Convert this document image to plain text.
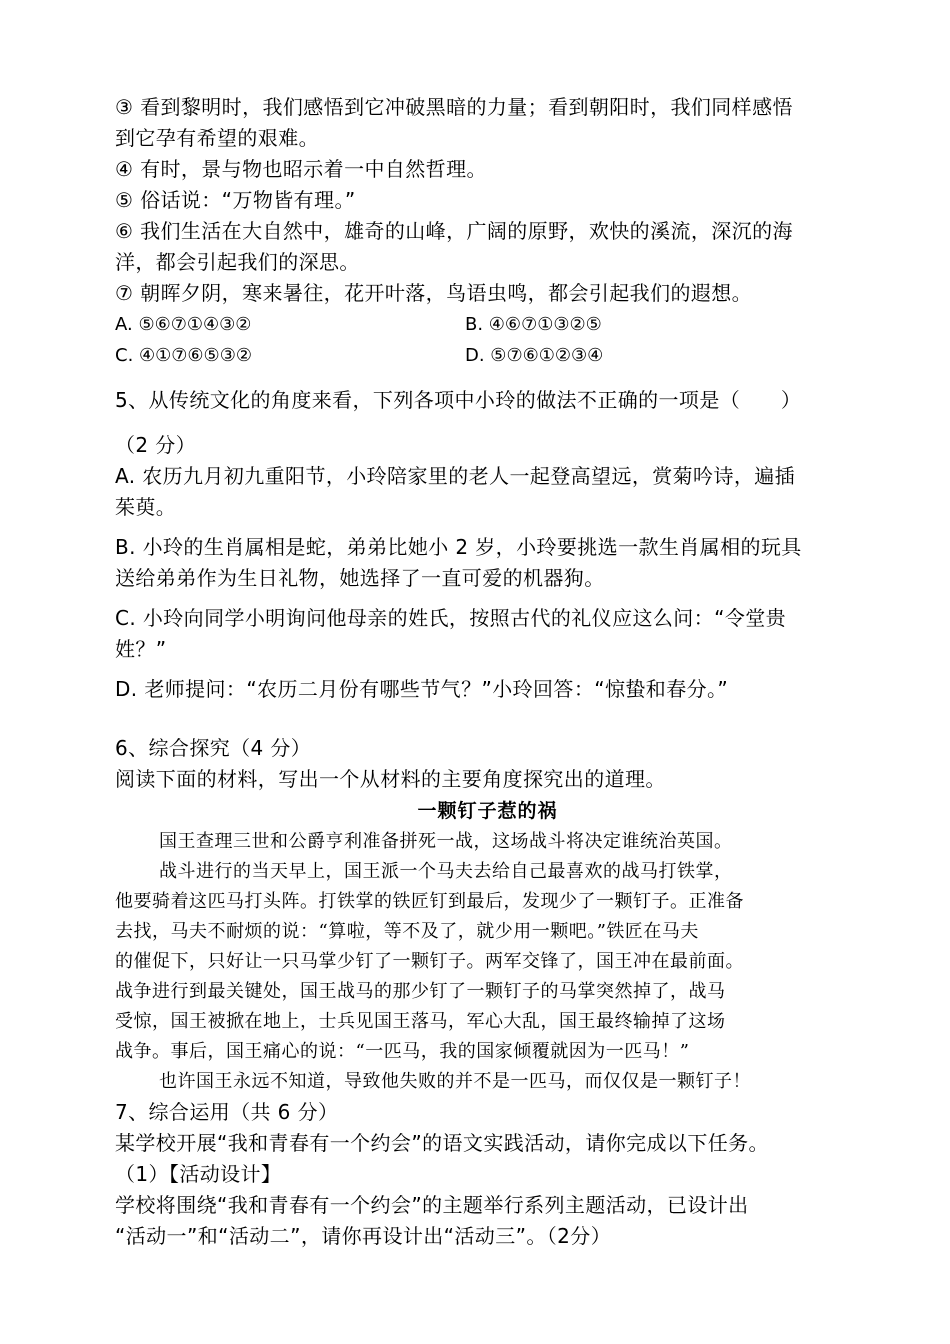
③ 看到黎明时，我们感悟到它冲破黑暗的力量；看到朝阳时，我们同样感悟
到它孕有希望的艰难。
④ 有时，景与物也昭示着一中自然哲理。
⑤ 俗话说：“万物皆有理。”
⑥ 我们生活在大自然中，雄奇的山峰，广阔的原野，欢快的溪流，深沉的海
洋，都会引起我们的深思。
⑦ 朝晖夕阴，寒来暑往，花开叶落，鸟语虫鸣，都会引起我们的遐想。
A. ⑤⑥⑦①④③②	B. ④⑥⑦①③②⑤
C. ④①⑦⑥⑤③②	D. ⑤⑦⑥①②③④
5、从传统文化的角度来看，下列各项中小玲的做法不正确的一项是（　　）
（2 分）
A. 农历九月初九重阳节，小玲陪家里的老人一起登高望远，赏菊吟诗，遍插
茱萸。
B. 小玲的生肖属相是蛇，弟弟比她小 2 岁，小玲要挑选一款生肖属相的玩具
送给弟弟作为生日礼物，她选择了一直可爱的机器狗。
C. 小玲向同学小明询问他母亲的姓氏，按照古代的礼仪应这么问：“令堂贵
姓？”
D. 老师提问：“农历二月份有哪些节气？”小玲回答：“惊蛰和春分。”
6、综合探究（4 分）
阅读下面的材料，写出一个从材料的主要角度探究出的道理。
一颗钉子惹的祸
国王查理三世和公爵亨利准备拼死一战，这场战斗将决定谁统治英国。
战斗进行的当天早上，国王派一个马夫去给自己最喜欢的战马打铁掌，
他要骑着这匹马打头阵。打铁掌的铁匠钉到最后，发现少了一颗钉子。正准备
去找，马夫不耐烦的说：“算啦，等不及了，就少用一颗吧。”铁匠在马夫
的催促下，只好让一只马掌少钉了一颗钉子。两军交锋了，国王冲在最前面。
战争进行到最关键处，国王战马的那少钉了一颗钉子的马掌突然掉了，战马
受惊，国王被掀在地上，士兵见国王落马，军心大乱，国王最终输掉了这场
战争。事后，国王痛心的说：“一匹马，我的国家倾覆就因为一匹马！”
也许国王永远不知道，导致他失败的并不是一匹马，而仅仅是一颗钉子！
7、综合运用（共 6 分）
某学校开展“我和青春有一个约会”的语文实践活动，请你完成以下任务。
（1）【活动设计】
学校将围绕“我和青春有一个约会”的主题举行系列主题活动，已设计出
“活动一”和“活动二”，请你再设计出“活动三”。（2分）
